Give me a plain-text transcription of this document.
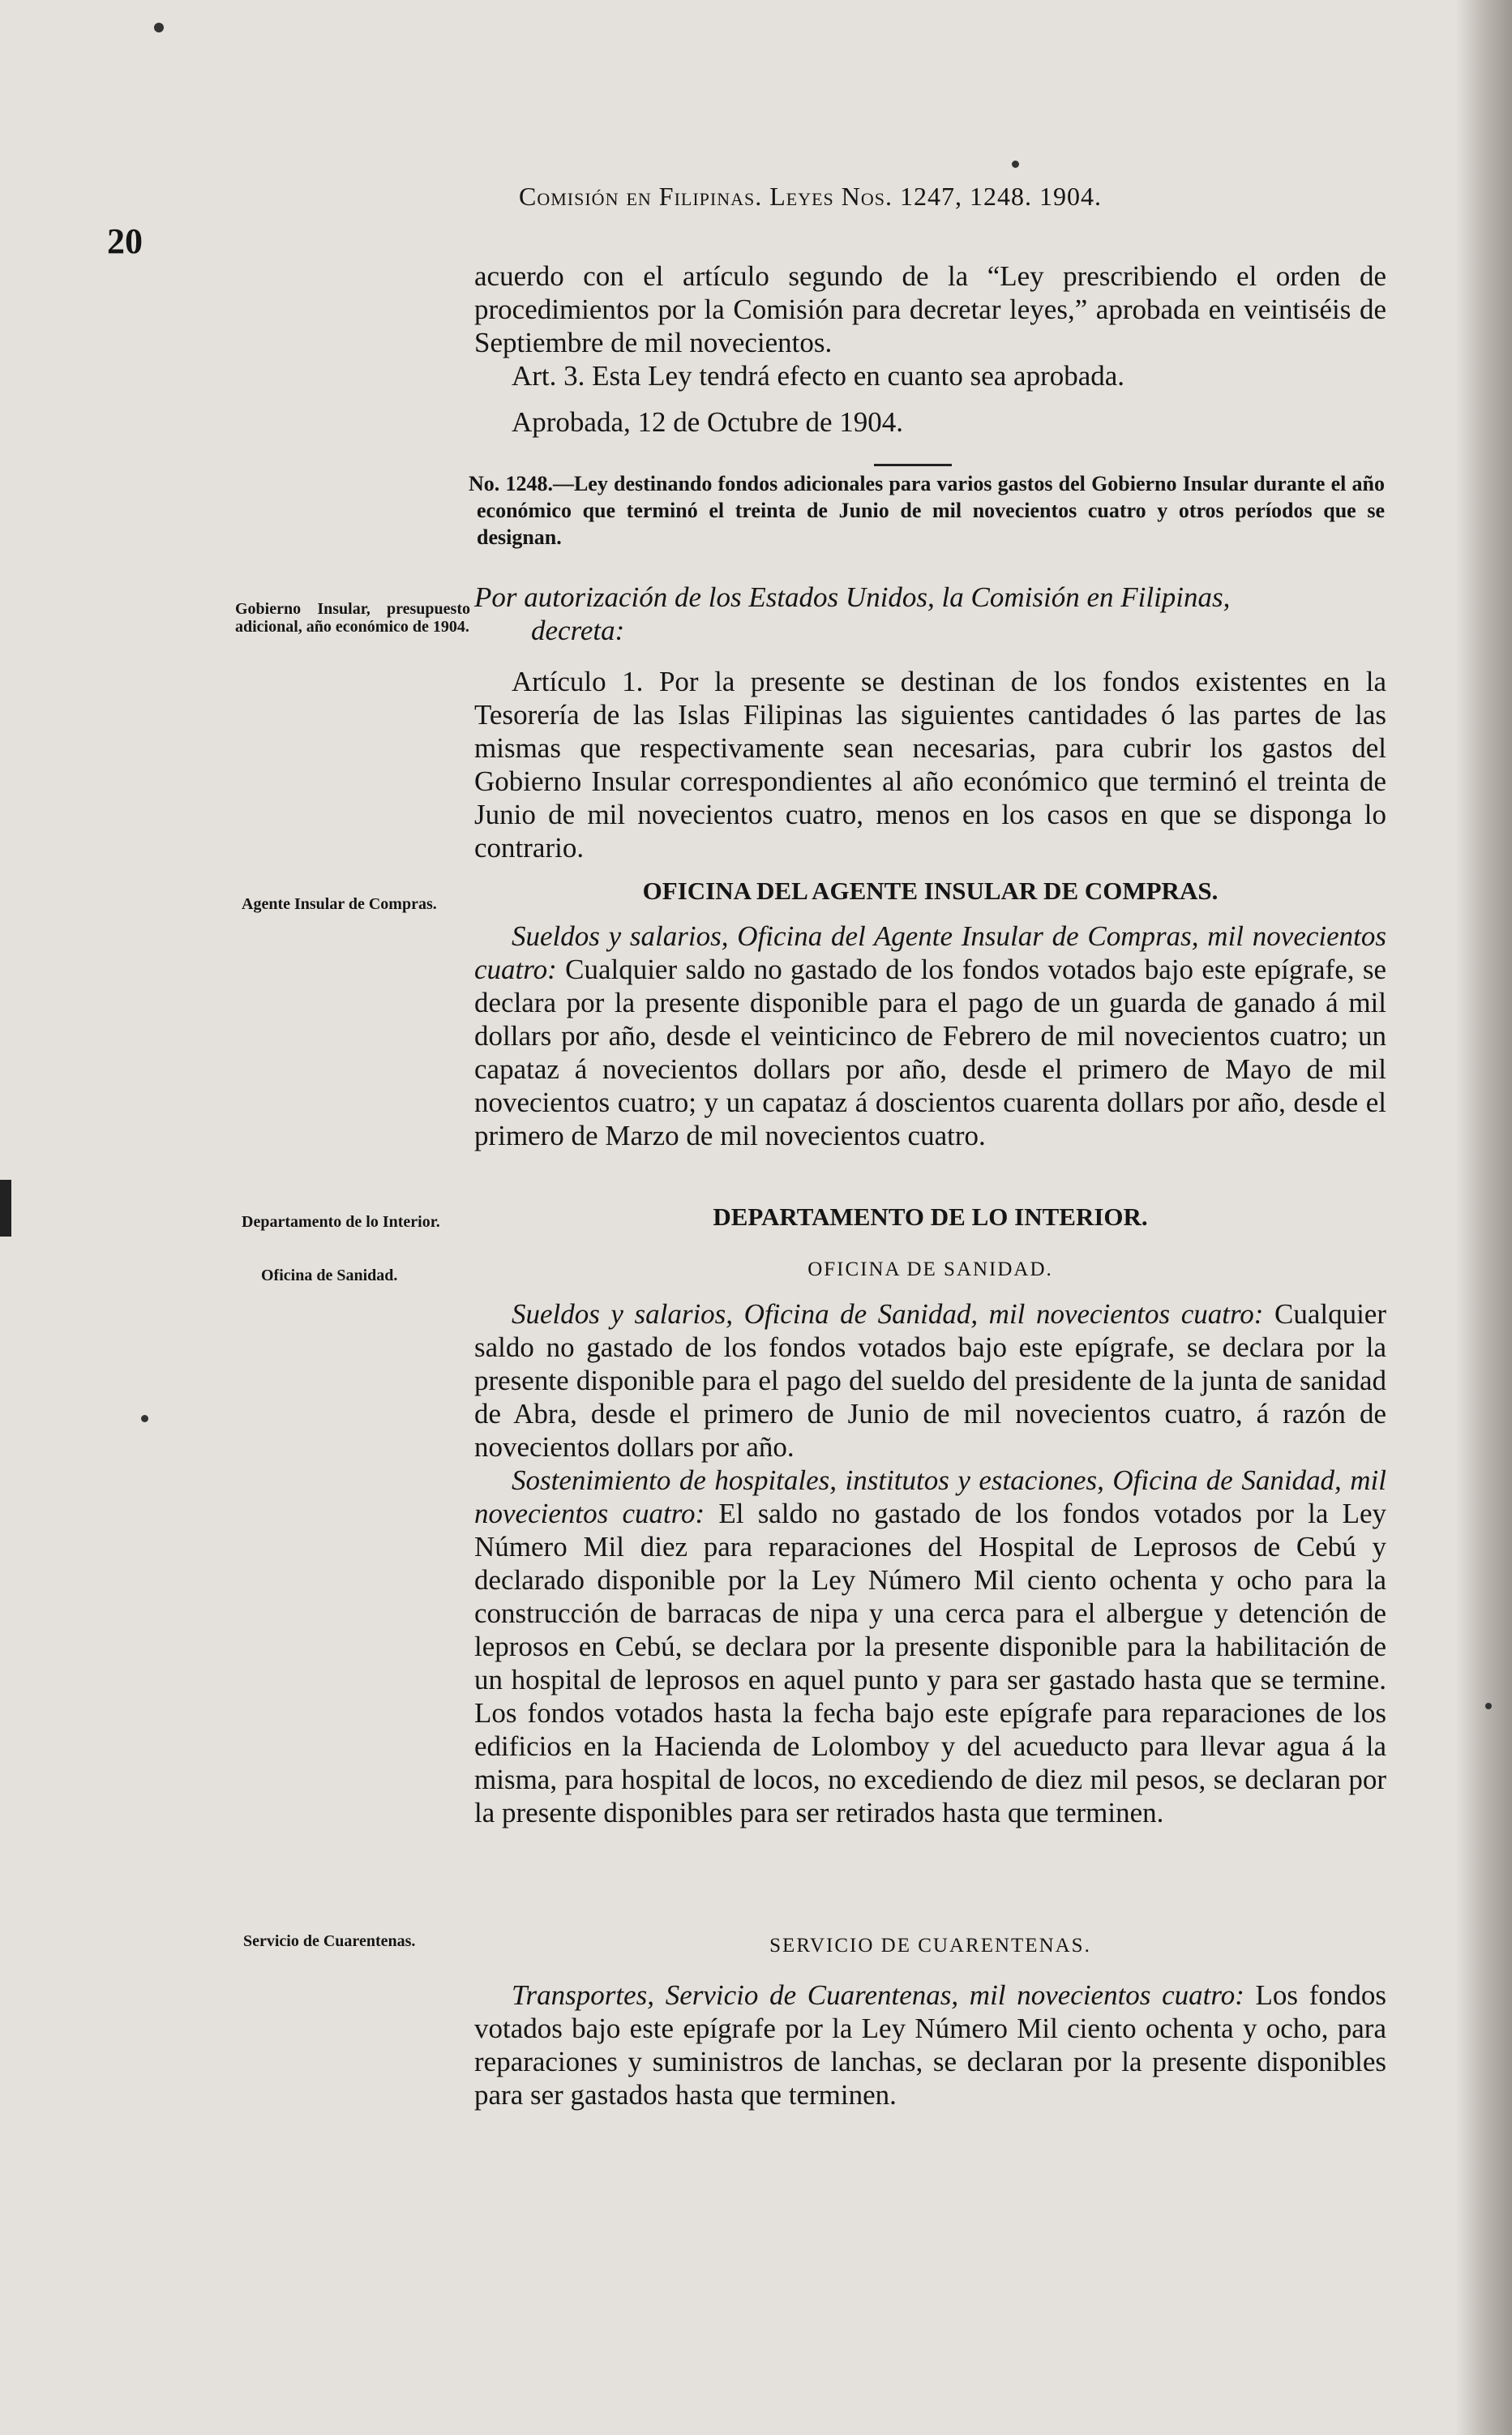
20
Comisión en Filipinas. Leyes Nos. 1247, 1248. 1904.

acuerdo con el artículo segundo de la “Ley prescribiendo el orden de procedimientos por la Comisión para decretar leyes,” aprobada en veintiséis de Septiembre de mil novecientos.

Art. 3. Esta Ley tendrá efecto en cuanto sea aprobada.

Aprobada, 12 de Octubre de 1904.

No. 1248.—Ley destinando fondos adicionales para varios gastos del Gobierno Insular durante el año económico que terminó el treinta de Junio de mil novecientos cuatro y otros períodos que se designan.
Gobierno Insular, presupuesto adicional, año económico de 1904.
Por autorización de los Estados Unidos, la Comisión en Filipinas,
decreta:
Artículo 1. Por la presente se destinan de los fondos existentes en la Tesorería de las Islas Filipinas las siguientes cantidades ó las partes de las mismas que respectivamente sean necesarias, para cubrir los gastos del Gobierno Insular correspondientes al año económico que terminó el treinta de Junio de mil novecientos cuatro, menos en los casos en que se disponga lo contrario.
Agente Insular de Compras.	OFICINA DEL AGENTE INSULAR DE COMPRAS.
Sueldos y salarios, Oficina del Agente Insular de Compras, mil novecientos cuatro: Cualquier saldo no gastado de los fondos votados bajo este epígrafe, se declara por la presente disponible para el pago de un guarda de ganado á mil dollars por año, desde el veinticinco de Febrero de mil novecientos cuatro; un capataz á novecientos dollars por año, desde el primero de Mayo de mil novecientos cuatro; y un capataz á doscientos cuarenta dollars por año, desde el primero de Marzo de mil novecientos cuatro.
Departamento de lo Interior.	DEPARTAMENTO DE LO INTERIOR.
Oficina de Sanidad.	OFICINA DE SANIDAD.

Sueldos y salarios, Oficina de Sanidad, mil novecientos cuatro: Cualquier saldo no gastado de los fondos votados bajo este epígrafe, se declara por la presente disponible para el pago del sueldo del presidente de la junta de sanidad de Abra, desde el primero de Junio de mil novecientos cuatro, á razón de novecientos dollars por año.

Sostenimiento de hospitales, institutos y estaciones, Oficina de Sanidad, mil novecientos cuatro: El saldo no gastado de los fondos votados por la Ley Número Mil diez para reparaciones del Hospital de Leprosos de Cebú y declarado disponible por la Ley Número Mil ciento ochenta y ocho para la construcción de barracas de nipa y una cerca para el albergue y detención de leprosos en Cebú, se declara por la presente disponible para la habilitación de un hospital de leprosos en aquel punto y para ser gastado hasta que se termine. Los fondos votados hasta la fecha bajo este epígrafe para reparaciones de los edificios en la Hacienda de Lolomboy y del acueducto para llevar agua á la misma, para hospital de locos, no excediendo de diez mil pesos, se declaran por la presente disponibles para ser retirados hasta que terminen.

Servicio de Cuarentenas.	SERVICIO DE CUARENTENAS.
Transportes, Servicio de Cuarentenas, mil novecientos cuatro: Los fondos votados bajo este epígrafe por la Ley Número Mil ciento ochenta y ocho, para reparaciones y suministros de lanchas, se declaran por la presente disponibles para ser gastados hasta que terminen.
